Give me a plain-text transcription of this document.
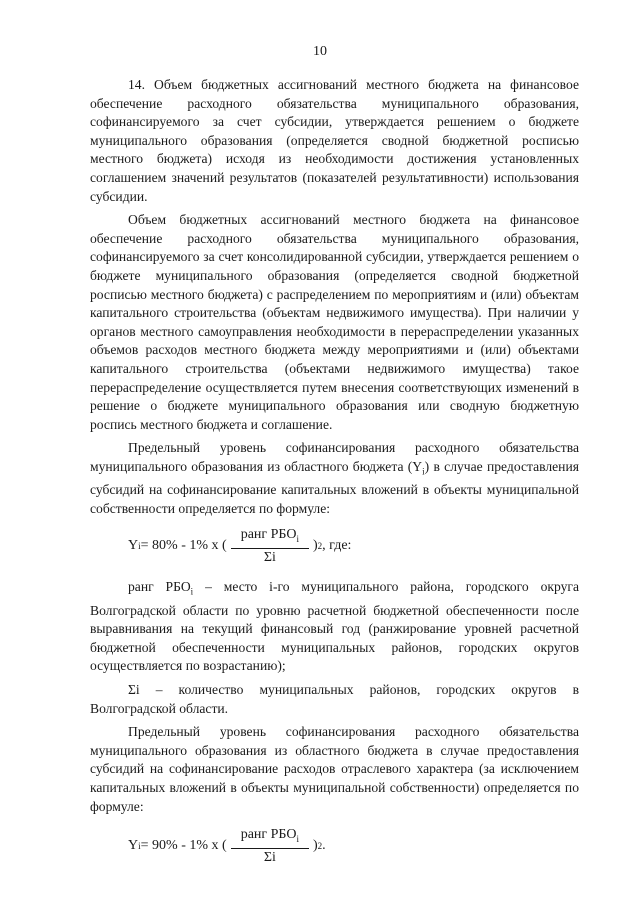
10

14. Объем бюджетных ассигнований местного бюджета на финансовое обеспечение расходного обязательства муниципального образования, софинансируемого за счет субсидии, утверждается решением о бюджете муниципального образования (определяется сводной бюджетной росписью местного бюджета) исходя из необходимости достижения установленных соглашением значений результатов (показателей результативности) использования субсидии.

Объем бюджетных ассигнований местного бюджета на финансовое обеспечение расходного обязательства муниципального образования, софинансируемого за счет консолидированной субсидии, утверждается решением о бюджете муниципального образования (определяется сводной бюджетной росписью местного бюджета) с распределением по мероприятиям и (или) объектам капитального строительства (объектам недвижимого имущества). При наличии у органов местного самоуправления необходимости в перераспределении указанных объемов расходов местного бюджета между мероприятиями и (или) объектами капитального строительства (объектами недвижимого имущества) такое перераспределение осуществляется путем внесения соответствующих изменений в решение о бюджете муниципального образования или сводную бюджетную роспись местного бюджета и соглашение.

Предельный уровень софинансирования расходного обязательства муниципального образования из областного бюджета $(Y_i)$ в случае предоставления субсидий на софинансирование капитальных вложений в объекты муниципальной собственности определяется по формуле:

Y i = 80% - 1% x ( $\frac{ранг РБО_i}{\Sigma i}$ ) 2 , где:

ранг $РБО_i$ – место i-го муниципального района, городского округа Волгоградской области по уровню расчетной бюджетной обеспеченности после выравнивания на текущий финансовый год (ранжирование уровней расчетной бюджетной обеспеченности муниципальных районов, городских округов осуществляется по возрастанию);

Σi – количество муниципальных районов, городских округов в Волгоградской области.

Предельный уровень софинансирования расходного обязательства муниципального образования из областного бюджета в случае предоставления субсидий на софинансирование расходов отраслевого характера (за исключением капитальных вложений в объекты муниципальной собственности) определяется по формуле:

Y i = 90% - 1% x ( $\frac{ранг РБО_i}{\Sigma i}$ ) 2 .
